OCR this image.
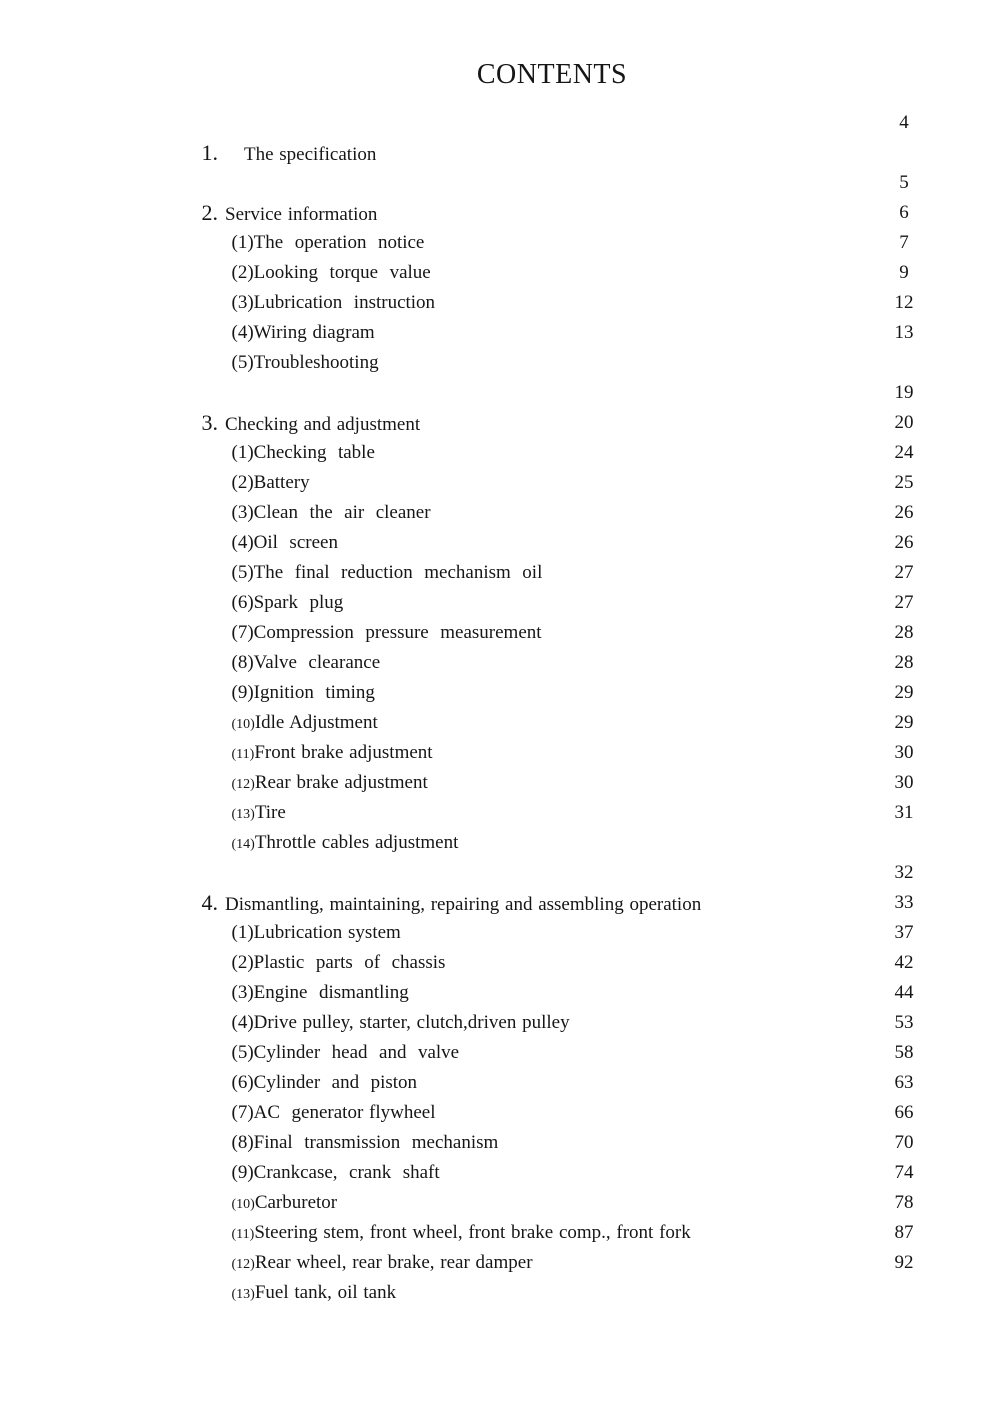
CONTENTS

1. The specification

4

2. Service information

5

(1)The  operation  notice

6

(2)Looking  torque  value

7

(3)Lubrication  instruction

9

(4)Wiring diagram

12

(5)Troubleshooting

13

3. Checking and adjustment

19

(1)Checking  table

20

(2)Battery

24

(3)Clean  the  air  cleaner

25

(4)Oil  screen

26

(5)The  final  reduction  mechanism  oil

26

(6)Spark  plug

27

(7)Compression  pressure  measurement

27

(8)Valve  clearance

28

(9)Ignition  timing

28

(10)Idle Adjustment

29

(11)Front brake adjustment

29

(12)Rear brake adjustment

30

(13)Tire

30

(14)Throttle cables adjustment

31

4. Dismantling, maintaining, repairing and assembling operation

32

(1)Lubrication system

33

(2)Plastic  parts  of  chassis

37

(3)Engine  dismantling

42

(4)Drive pulley, starter, clutch,driven pulley

44

(5)Cylinder  head  and  valve

53

(6)Cylinder  and  piston

58

(7)AC  generator flywheel

63

(8)Final  transmission  mechanism

66

(9)Crankcase,  crank  shaft

70

(10)Carburetor

74

(11)Steering stem, front wheel, front brake comp., front fork

78

(12)Rear wheel, rear brake, rear damper

87

(13)Fuel tank, oil tank

92
